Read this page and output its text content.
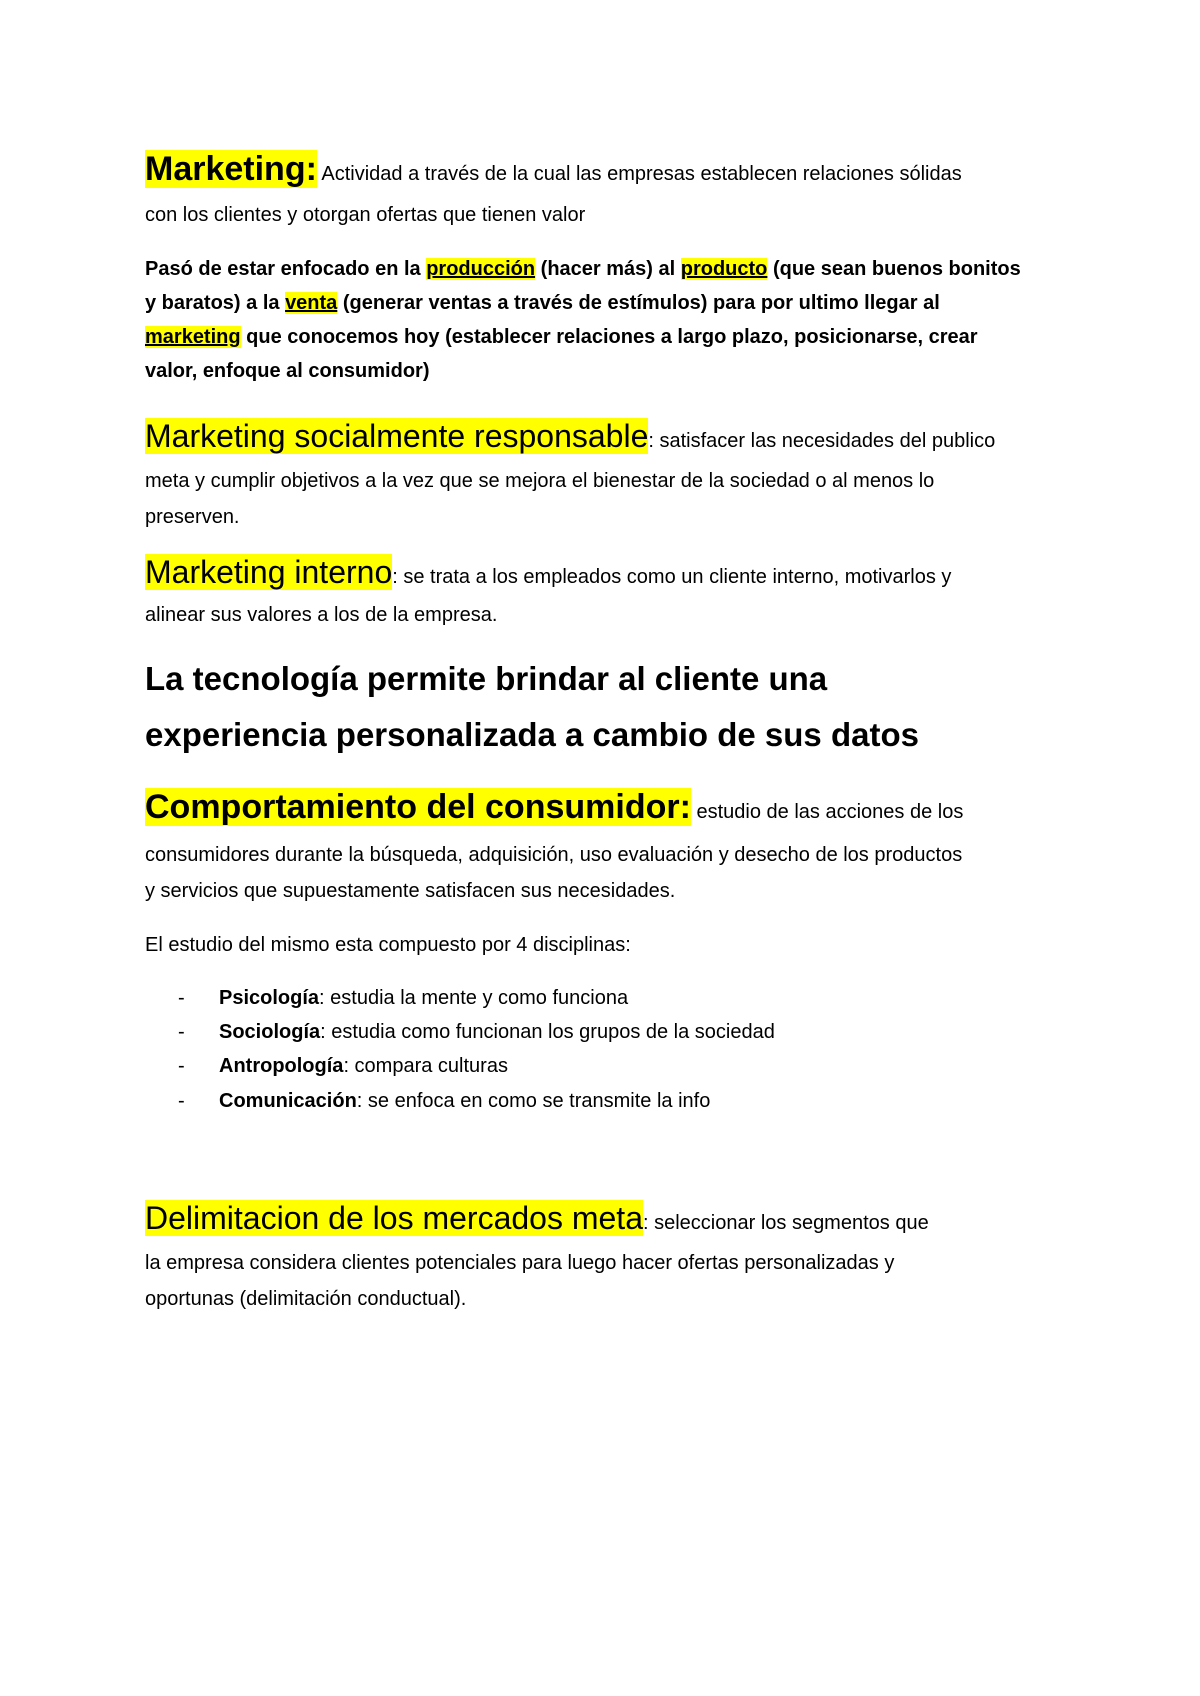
Marketing: Actividad a través de la cual las empresas establecen relaciones sólidas
con los clientes y otorgan ofertas que tienen valor
Pasó de estar enfocado en la producción (hacer más) al producto (que sean buenos bonitos
y baratos) a la venta (generar ventas a través de estímulos) para por ultimo llegar al
marketing que conocemos hoy (establecer relaciones a largo plazo, posicionarse, crear
valor, enfoque al consumidor)
Marketing socialmente responsable: satisfacer las necesidades del publico
meta y cumplir objetivos a la vez que se mejora el bienestar de la sociedad o al menos lo
preserven.
Marketing interno: se trata a los empleados como un cliente interno, motivarlos y
alinear sus valores a los de la empresa.
La tecnología permite brindar al cliente una
experiencia personalizada a cambio de sus datos
Comportamiento del consumidor: estudio de las acciones de los
consumidores durante la búsqueda, adquisición, uso evaluación y desecho de los productos
y servicios que supuestamente satisfacen sus necesidades.
El estudio del mismo esta compuesto por 4 disciplinas:
- Psicología: estudia la mente y como funciona
- Sociología: estudia como funcionan los grupos de la sociedad
- Antropología: compara culturas
- Comunicación: se enfoca en como se transmite la info
Delimitacion de los mercados meta: seleccionar los segmentos que
la empresa considera clientes potenciales para luego hacer ofertas personalizadas y
oportunas (delimitación conductual).
